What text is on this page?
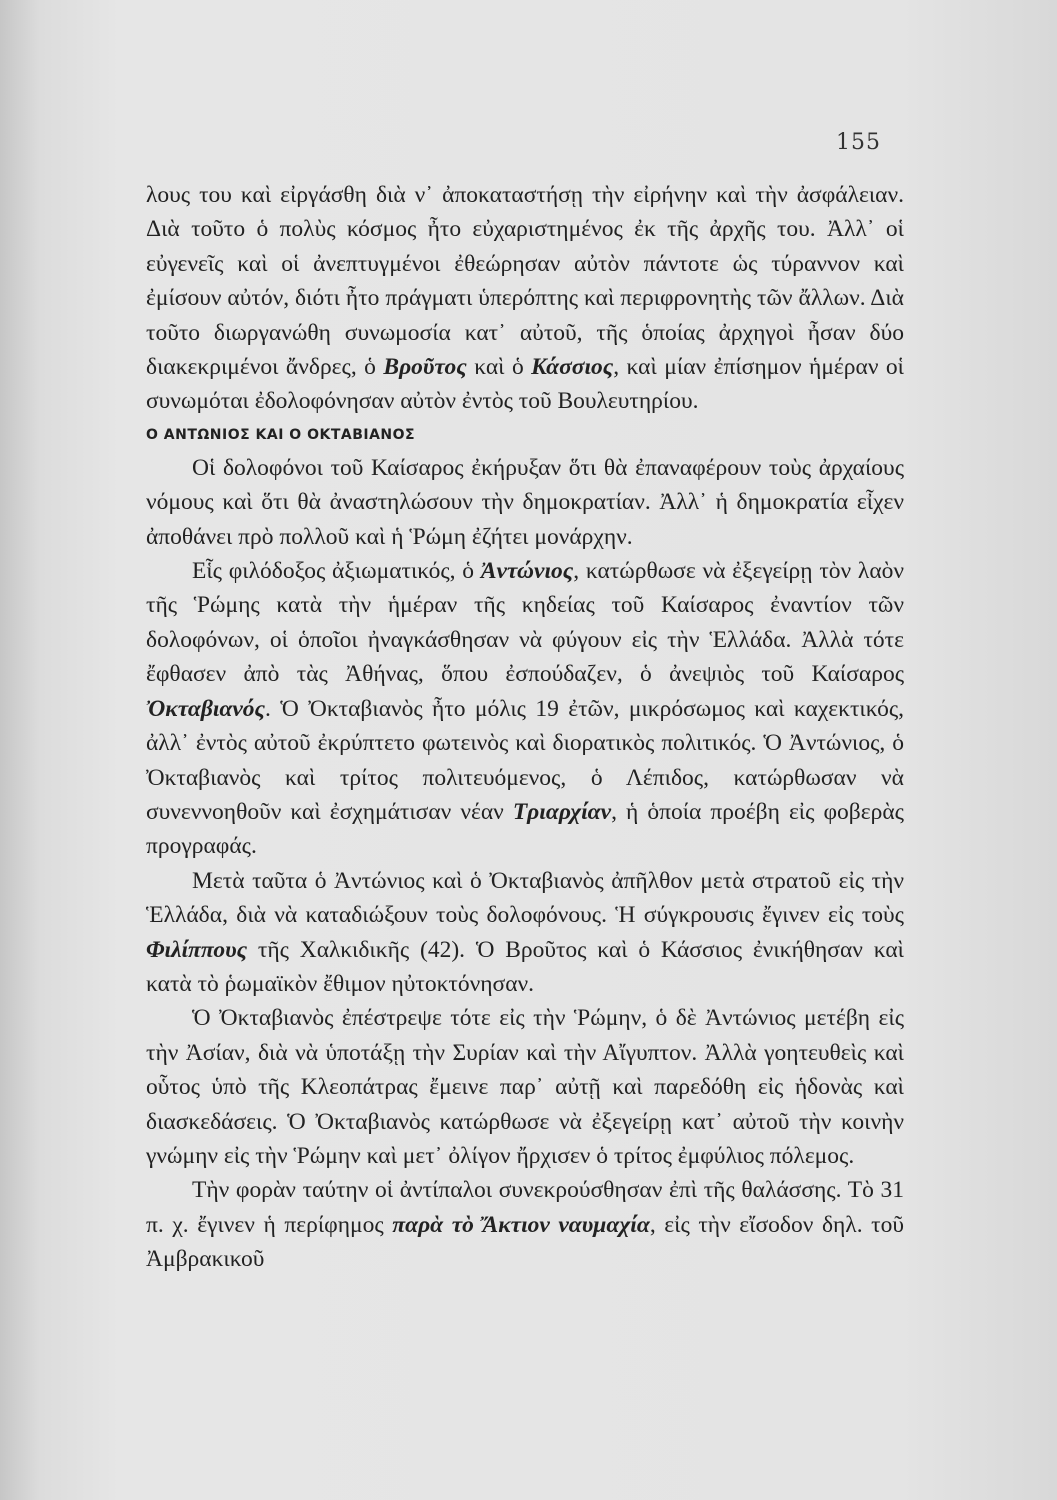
155

λους του καὶ εἰργάσθη διὰ ν᾿ ἀποκαταστήσῃ τὴν εἰρήνην καὶ τὴν ἀσφάλειαν. Διὰ τοῦτο ὁ πολὺς κόσμος ἦτο εὐχαριστημένος ἐκ τῆς ἀρχῆς του. Ἀλλ᾿ οἱ εὐγενεῖς καὶ οἱ ἀνεπτυγμένοι ἐθεώρησαν αὐτὸν πάντοτε ὡς τύραννον καὶ ἐμίσουν αὐτόν, διότι ἦτο πράγματι ὑπερόπτης καὶ περιφρονητὴς τῶν ἄλλων. Διὰ τοῦτο διωργανώθη συνωμοσία κατ᾿ αὐτοῦ, τῆς ὁποίας ἀρχηγοὶ ἦσαν δύο διακεκριμένοι ἄνδρες, ὁ Βροῦτος καὶ ὁ Κάσσιος, καὶ μίαν ἐπίσημον ἡμέραν οἱ συνωμόται ἐδολοφόνησαν αὐτὸν ἐντὸς τοῦ Βουλευτηρίου.

Ο ΑΝΤΩΝΙΟΣ ΚΑΙ Ο ΟΚΤΑΒΙΑΝΟΣ

Οἱ δολοφόνοι τοῦ Καίσαρος ἐκήρυξαν ὅτι θὰ ἐπαναφέρουν τοὺς ἀρχαίους νόμους καὶ ὅτι θὰ ἀναστηλώσουν τὴν δημοκρατίαν. Ἀλλ᾿ ἡ δημοκρατία εἶχεν ἀποθάνει πρὸ πολλοῦ καὶ ἡ Ῥώμη ἐζήτει μονάρχην.

Εἷς φιλόδοξος ἀξιωματικός, ὁ Ἀντώνιος, κατώρθωσε νὰ ἐξεγείρῃ τὸν λαὸν τῆς Ῥώμης κατὰ τὴν ἡμέραν τῆς κηδείας τοῦ Καίσαρος ἐναντίον τῶν δολοφόνων, οἱ ὁποῖοι ἠναγκάσθησαν νὰ φύγουν εἰς τὴν Ἑλλάδα. Ἀλλὰ τότε ἔφθασεν ἀπὸ τὰς Ἀθήνας, ὅπου ἐσπούδαζεν, ὁ ἀνεψιὸς τοῦ Καίσαρος Ὀκταβιανός. Ὁ Ὀκταβιανὸς ἦτο μόλις 19 ἐτῶν, μικρόσωμος καὶ καχεκτικός, ἀλλ᾿ ἐντὸς αὐτοῦ ἐκρύπτετο φωτεινὸς καὶ διορατικὸς πολιτικός. Ὁ Ἀντώνιος, ὁ Ὀκταβιανὸς καὶ τρίτος πολιτευόμενος, ὁ Λέπιδος, κατώρθωσαν νὰ συνεννοηθοῦν καὶ ἐσχημάτισαν νέαν Τριαρχίαν, ἡ ὁποία προέβη εἰς φοβερὰς προγραφάς.

Μετὰ ταῦτα ὁ Ἀντώνιος καὶ ὁ Ὀκταβιανὸς ἀπῆλθον μετὰ στρατοῦ εἰς τὴν Ἑλλάδα, διὰ νὰ καταδιώξουν τοὺς δολοφόνους. Ἡ σύγκρουσις ἔγινεν εἰς τοὺς Φιλίππους τῆς Χαλκιδικῆς (42). Ὁ Βροῦτος καὶ ὁ Κάσσιος ἐνικήθησαν καὶ κατὰ τὸ ῥωμαϊκὸν ἔθιμον ηὐτοκτόνησαν.

Ὁ Ὀκταβιανὸς ἐπέστρεψε τότε εἰς τὴν Ῥώμην, ὁ δὲ Ἀντώνιος μετέβη εἰς τὴν Ἀσίαν, διὰ νὰ ὑποτάξῃ τὴν Συρίαν καὶ τὴν Αἴγυπτον. Ἀλλὰ γοητευθεὶς καὶ οὗτος ὑπὸ τῆς Κλεοπάτρας ἔμεινε παρ᾿ αὐτῇ καὶ παρεδόθη εἰς ἡδονὰς καὶ διασκεδάσεις. Ὁ Ὀκταβιανὸς κατώρθωσε νὰ ἐξεγείρῃ κατ᾿ αὐτοῦ τὴν κοινὴν γνώμην εἰς τὴν Ῥώμην καὶ μετ᾿ ὀλίγον ἤρχισεν ὁ τρίτος ἐμφύλιος πόλεμος.

Τὴν φορὰν ταύτην οἱ ἀντίπαλοι συνεκρούσθησαν ἐπὶ τῆς θαλάσσης. Τὸ 31 π. χ. ἔγινεν ἡ περίφημος παρὰ τὸ Ἄκτιον ναυμαχία, εἰς τὴν εἴσοδον δηλ. τοῦ Ἀμβρακικοῦ
